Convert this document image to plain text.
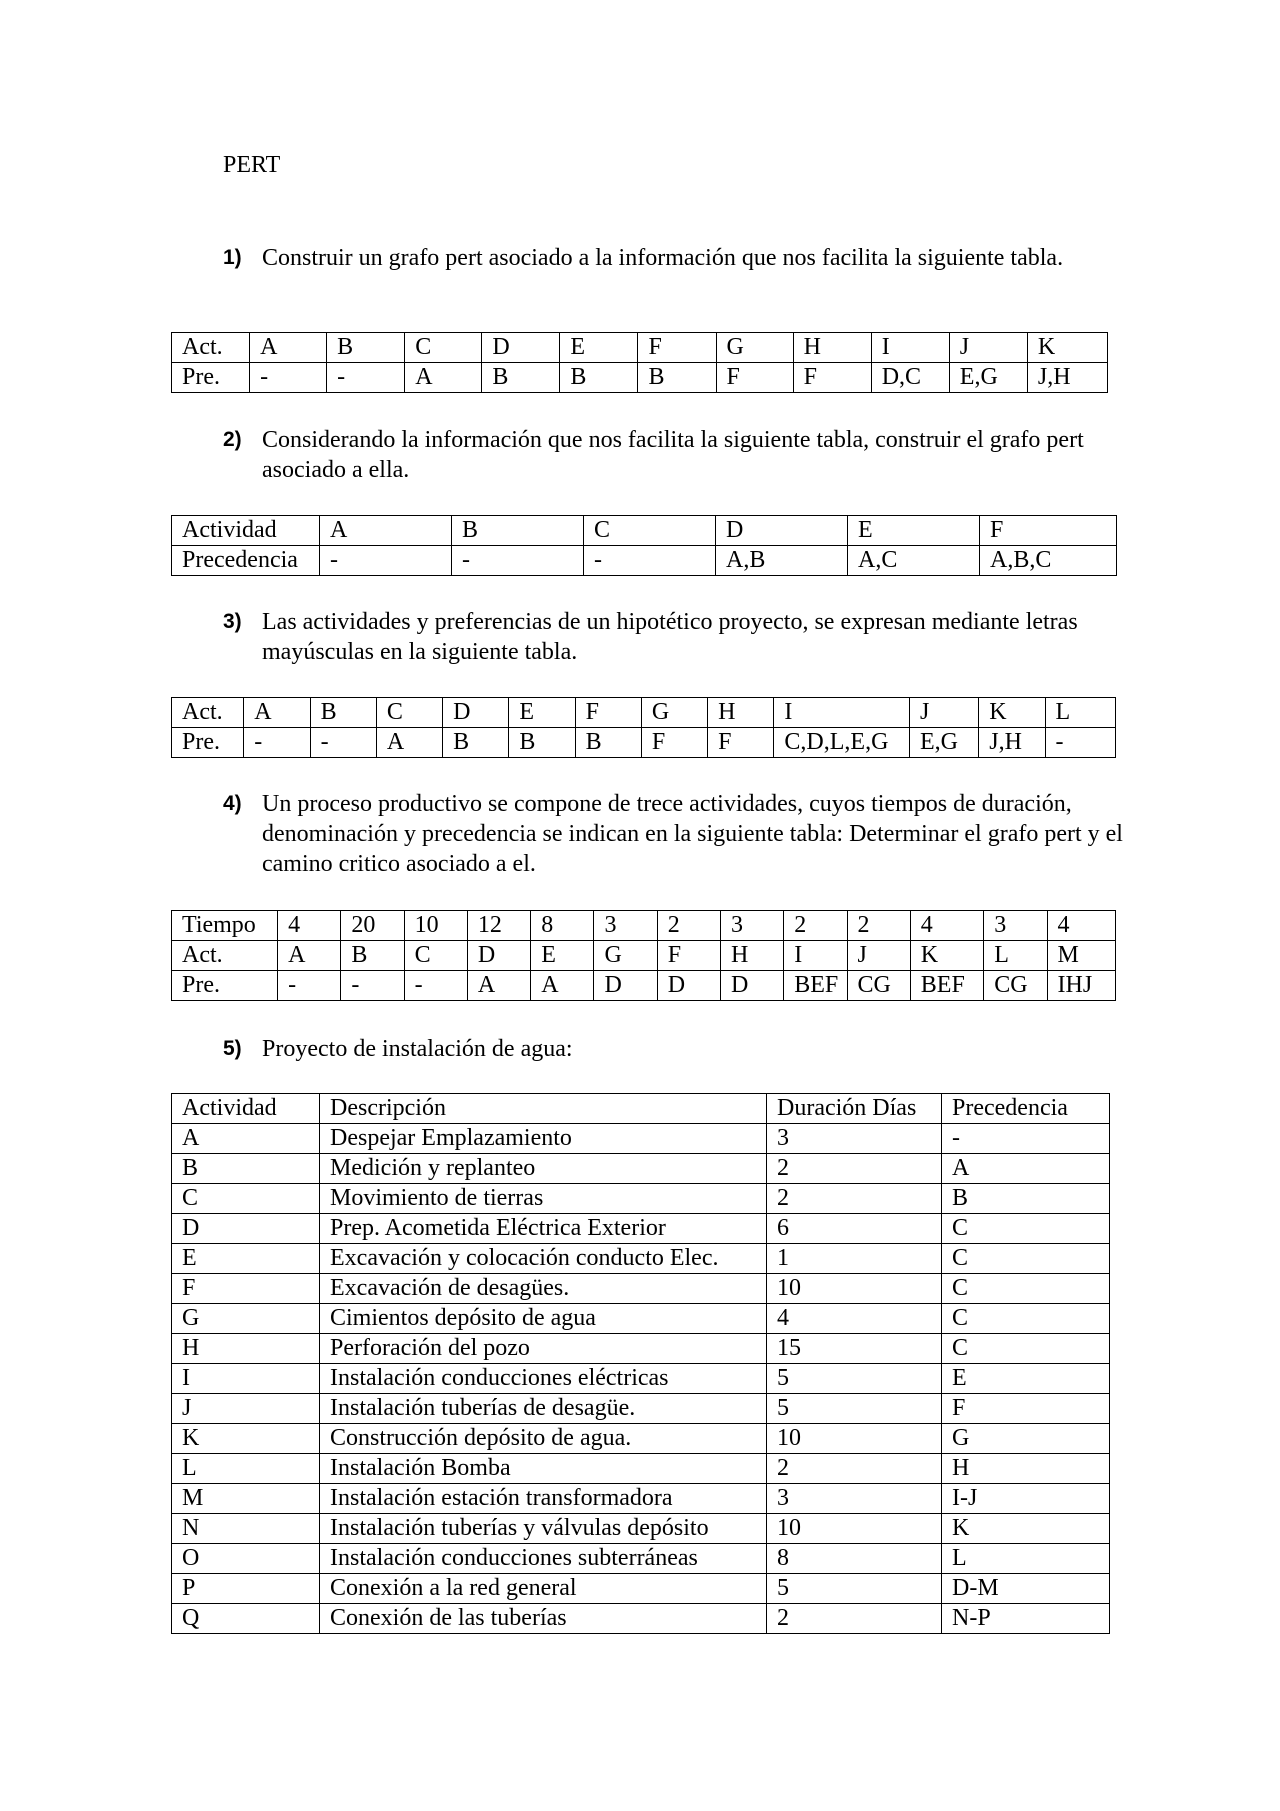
PERT
1) Construir un grafo pert asociado a la información que nos facilita la siguiente tabla.
Act.	A	B	C	D	E	F	G	H	I	J	K
Pre.	-	-	A	B	B	B	F	F	D,C	E,G	J,H
2) Considerando la información que nos facilita la siguiente tabla, construir el grafo pert asociado a ella.
Actividad	A	B	C	D	E	F
Precedencia	-	-	-	A,B	A,C	A,B,C
3) Las actividades y preferencias de un hipotético proyecto, se expresan mediante letras mayúsculas en la siguiente tabla.
Act.	A	B	C	D	E	F	G	H	I	J	K	L
Pre.	-	-	A	B	B	B	F	F	C,D,L,E,G	E,G	J,H	-
4) Un proceso productivo se compone de trece actividades, cuyos tiempos de duración, denominación y precedencia se indican en la siguiente tabla: Determinar el grafo pert y el camino critico asociado a el.
Tiempo	4	20	10	12	8	3	2	3	2	2	4	3	4
Act.	A	B	C	D	E	G	F	H	I	J	K	L	M
Pre.	-	-	-	A	A	D	D	D	BEF	CG	BEF	CG	IHJ
5) Proyecto de instalación de agua:
Actividad	Descripción	Duración Días	Precedencia
A	Despejar Emplazamiento	3	-
B	Medición y replanteo	2	A
C	Movimiento de tierras	2	B
D	Prep. Acometida Eléctrica Exterior	6	C
E	Excavación y colocación conducto Elec.	1	C
F	Excavación de desagües.	10	C
G	Cimientos depósito de agua	4	C
H	Perforación del pozo	15	C
I	Instalación conducciones eléctricas	5	E
J	Instalación tuberías de desagüe.	5	F
K	Construcción depósito de agua.	10	G
L	Instalación Bomba	2	H
M	Instalación estación transformadora	3	I-J
N	Instalación tuberías y válvulas depósito	10	K
O	Instalación conducciones subterráneas	8	L
P	Conexión a la red general	5	D-M
Q	Conexión de las tuberías	2	N-P
